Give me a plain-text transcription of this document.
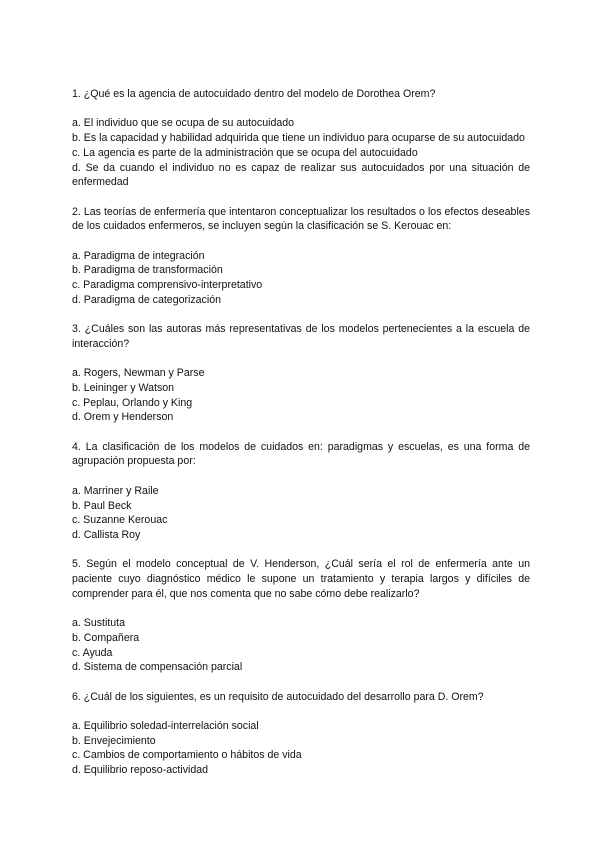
1. ¿Qué es la agencia de autocuidado dentro del modelo de Dorothea Orem?

a. El individuo que se ocupa de su autocuidado
b. Es la capacidad y habilidad adquirida que tiene un individuo para ocuparse de su autocuidado
c. La agencia es parte de la administración que se ocupa del autocuidado
d. Se da cuando el individuo no es capaz de realizar sus autocuidados por una situación de enfermedad

2. Las teorías de enfermería que intentaron conceptualizar los resultados o los efectos deseables de los cuidados enfermeros, se incluyen según la clasificación se S. Kerouac en:

a. Paradigma de integración
b. Paradigma de transformación
c. Paradigma comprensivo-interpretativo
d. Paradigma de categorización

3. ¿Cuáles son las autoras más representativas de los modelos pertenecientes a la escuela de interacción?

a. Rogers, Newman y Parse
b. Leininger y Watson
c. Peplau, Orlando y King
d. Orem y Henderson

4. La clasificación de los modelos de cuidados en: paradigmas y escuelas, es una forma de agrupación propuesta por:

a. Marriner y Raile
b. Paul Beck
c. Suzanne Kerouac
d. Callista Roy

5. Según el modelo conceptual de V. Henderson, ¿Cuál sería el rol de enfermería ante un paciente cuyo diagnóstico médico le supone un tratamiento y terapia largos y difíciles de comprender para él, que nos comenta que no sabe cómo debe realizarlo?

a. Sustituta
b. Compañera
c. Ayuda
d. Sistema de compensación parcial

6. ¿Cuál de los siguientes, es un requisito de autocuidado del desarrollo para D. Orem?

a. Equilibrio soledad-interrelación social
b. Envejecimiento
c. Cambios de comportamiento o hábitos de vida
d. Equilibrio reposo-actividad
